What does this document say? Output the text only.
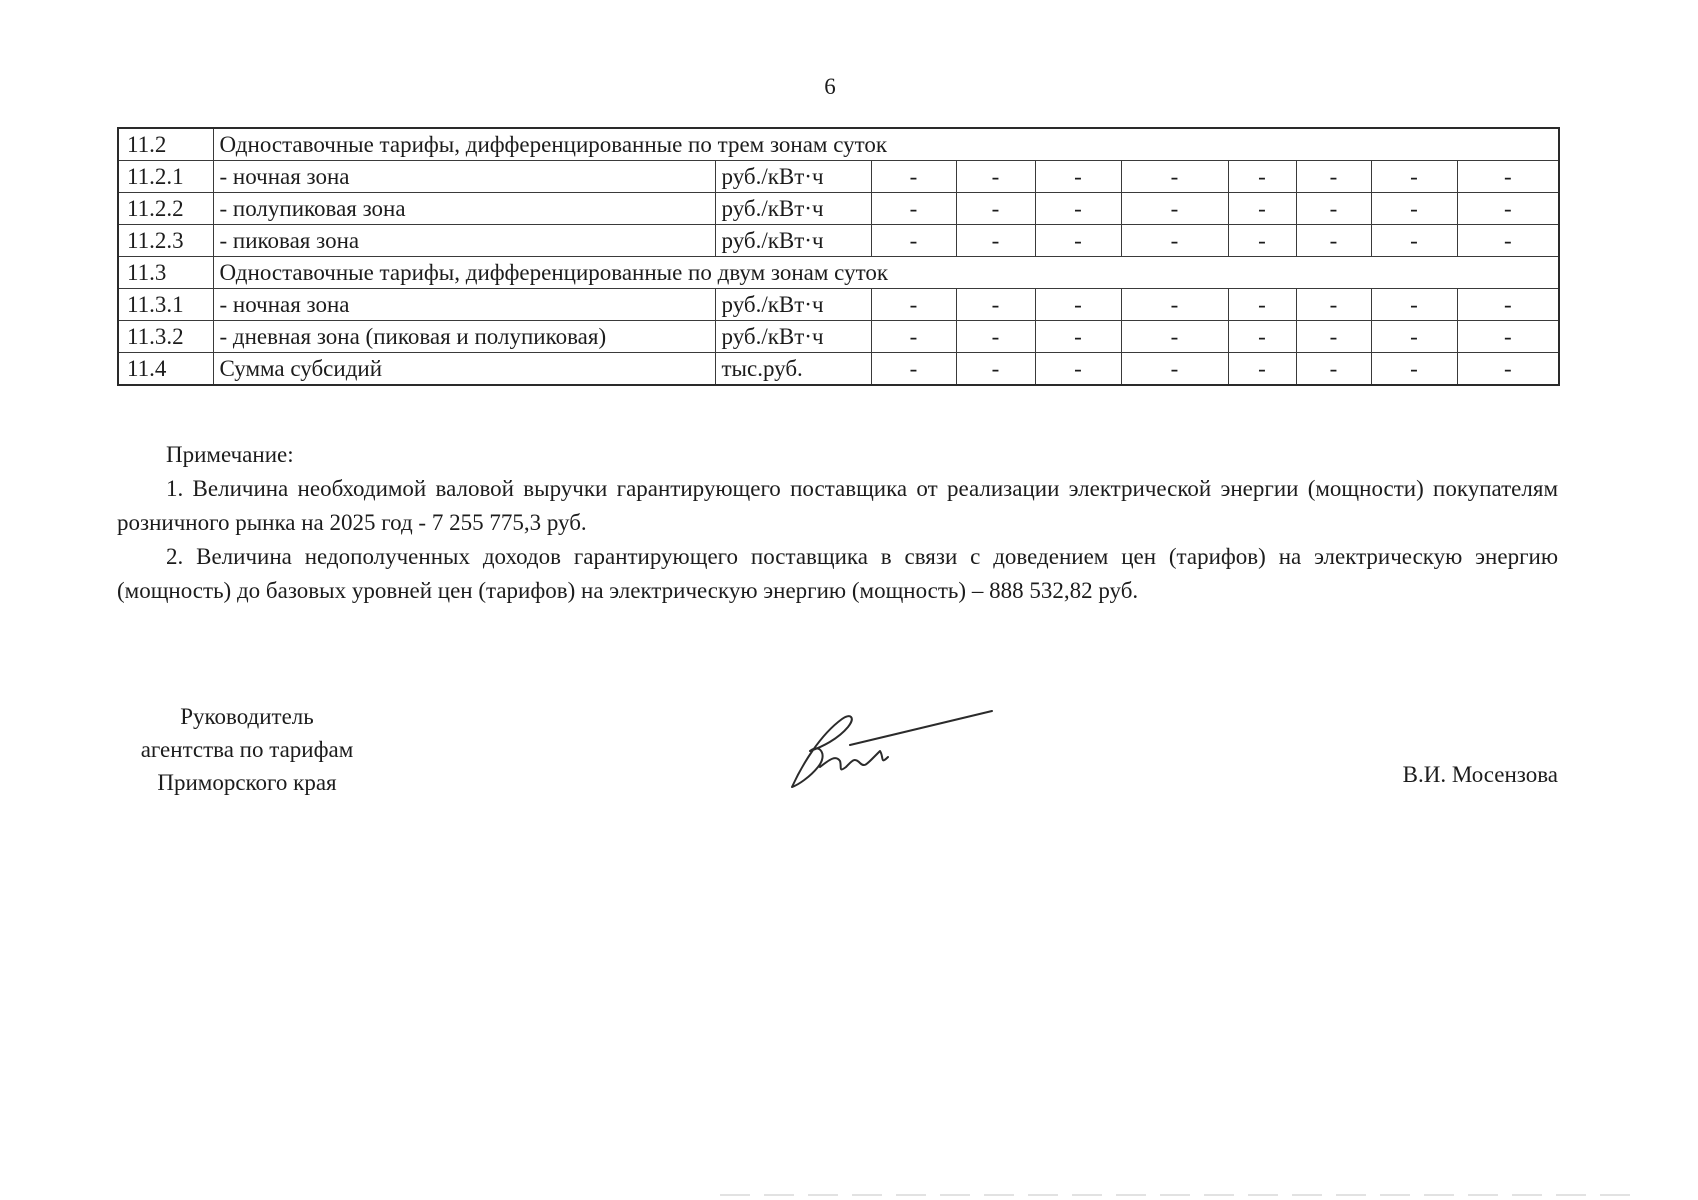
6
11.2	Одноставочные тарифы, дифференцированные по трем зонам суток									
11.2.1	- ночная зона	руб./кВт·ч	-	-	-	-	-	-	-	-
11.2.2	- полупиковая зона	руб./кВт·ч	-	-	-	-	-	-	-	-
11.2.3	- пиковая зона	руб./кВт·ч	-	-	-	-	-	-	-	-
11.3	Одноставочные тарифы, дифференцированные по двум зонам суток									
11.3.1	- ночная зона	руб./кВт·ч	-	-	-	-	-	-	-	-
11.3.2	- дневная зона (пиковая и полупиковая)	руб./кВт·ч	-	-	-	-	-	-	-	-
11.4	Сумма субсидий	тыс.руб.	-	-	-	-	-	-	-	-
Примечание:

1. Величина необходимой валовой выручки гарантирующего поставщика от реализации электрической энергии (мощности) покупателям розничного рынка на 2025 год - 7 255 775,3 руб.

2. Величина недополученных доходов гарантирующего поставщика в связи с доведением цен (тарифов) на электрическую энергию (мощность) до базовых уровней цен (тарифов) на электрическую энергию (мощность) – 888 532,82 руб.

Руководитель
агентства по тарифам
Приморского края	В.И. Мосензова
